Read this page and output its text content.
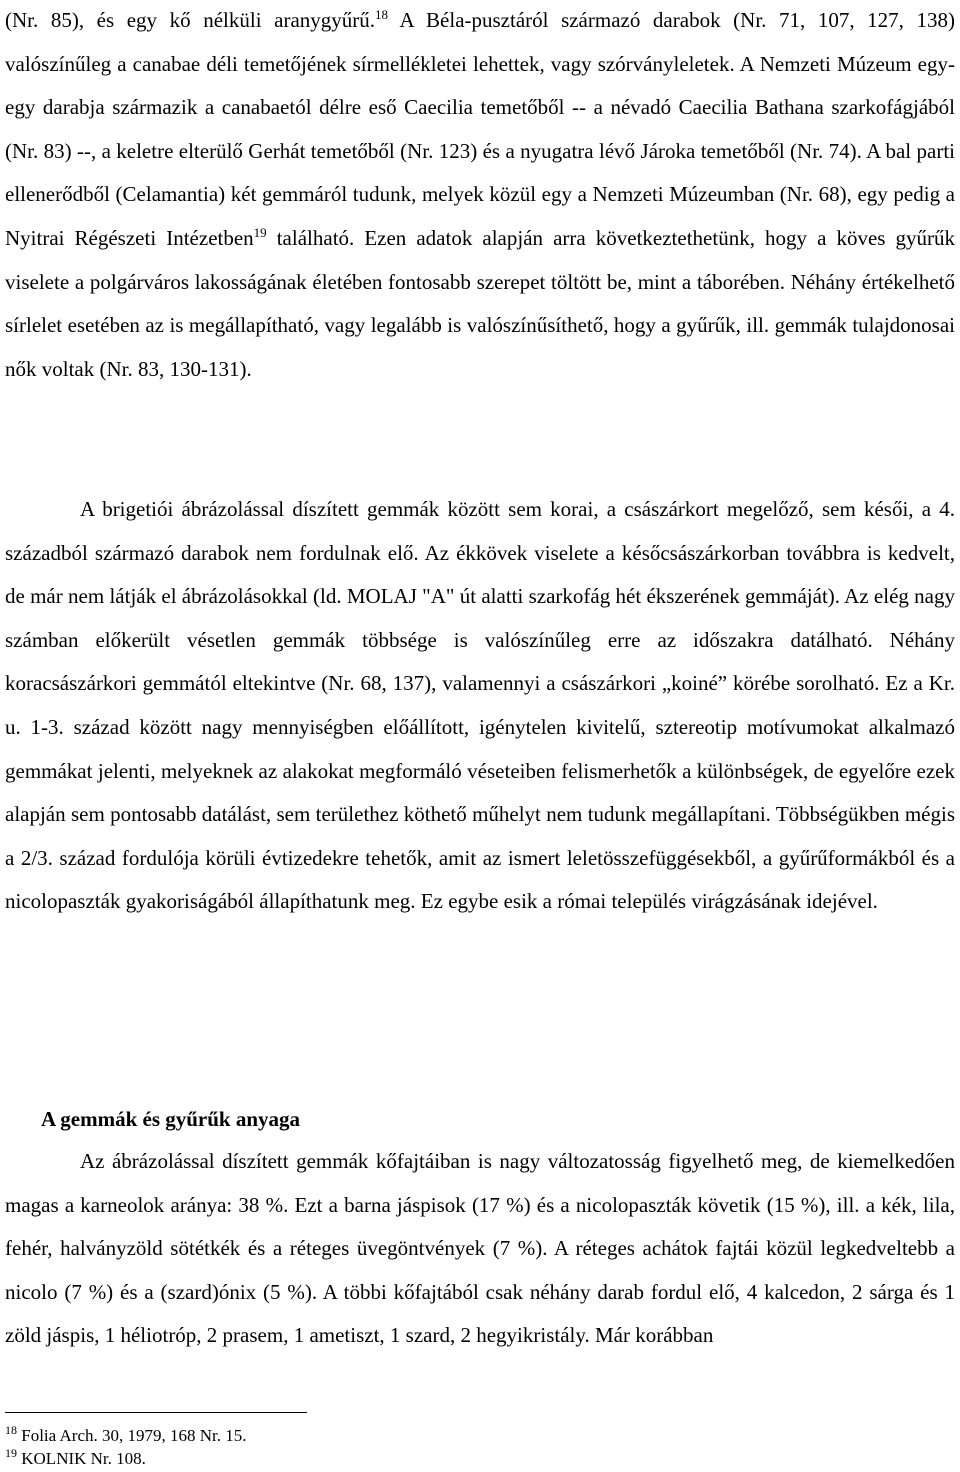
(Nr. 85), és egy kő nélküli aranygyűrű.$^{18}$ A Béla-pusztáról származó darabok (Nr. 71, 107, 127, 138) valószínűleg a canabae déli temetőjének sírmellékletei lehettek, vagy szórványleletek. A Nemzeti Múzeum egy-egy darabja származik a canabaetól délre eső Caecilia temetőből -- a névadó Caecilia Bathana szarkofágjából (Nr. 83) --, a keletre elterülő Gerhát temetőből (Nr. 123) és a nyugatra lévő Jároka temetőből (Nr. 74). A bal parti ellenerődből (Celamantia) két gemmáról tudunk, melyek közül egy a Nemzeti Múzeumban (Nr. 68), egy pedig a Nyitrai Régészeti Intézetben$^{19}$ található. Ezen adatok alapján arra következtethetünk, hogy a köves gyűrűk viselete a polgárváros lakosságának életében fontosabb szerepet töltött be, mint a táborében. Néhány értékelhető sírlelet esetében az is megállapítható, vagy legalább is valószínűsíthető, hogy a gyűrűk, ill. gemmák tulajdonosai nők voltak (Nr. 83, 130-131).

A brigetiói ábrázolással díszített gemmák között sem korai, a császárkort megelőző, sem késői, a 4. századból származó darabok nem fordulnak elő. Az ékkövek viselete a későcsászárkorban továbbra is kedvelt, de már nem látják el ábrázolásokkal (ld. MOLAJ "A" út alatti szarkofág hét ékszerének gemmáját). Az elég nagy számban előkerült vésetlen gemmák többsége is valószínűleg erre az időszakra datálható. Néhány koracsászárkori gemmától eltekintve (Nr. 68, 137), valamennyi a császárkori „koiné” körébe sorolható. Ez a Kr. u. 1-3. század között nagy mennyiségben előállított, igénytelen kivitelű, sztereotip motívumokat alkalmazó gemmákat jelenti, melyeknek az alakokat megformáló véseteiben felismerhetők a különbségek, de egyelőre ezek alapján sem pontosabb datálást, sem területhez köthető műhelyt nem tudunk megállapítani. Többségükben mégis a 2/3. század fordulója körüli évtizedekre tehetők, amit az ismert leletösszefüggésekből, a gyűrűformákból és a nicolopaszták gyakoriságából állapíthatunk meg. Ez egybe esik a római település virágzásának idejével.

A gemmák és gyűrűk anyaga

Az ábrázolással díszített gemmák kőfajtáiban is nagy változatosság figyelhető meg, de kiemelkedően magas a karneolok aránya: 38 %. Ezt a barna jáspisok (17 %) és a nicolopaszták követik (15 %), ill. a kék, lila, fehér, halványzöld sötétkék és a réteges üvegöntvények (7 %). A réteges achátok fajtái közül legkedveltebb a nicolo (7 %) és a (szard)ónix (5 %). A többi kőfajtából csak néhány darab fordul elő, 4 kalcedon, 2 sárga és 1 zöld jáspis, 1 héliotróp, 2 prasem, 1 ametiszt, 1 szard, 2 hegyikristály. Már korábban

$^{18}$ Folia Arch. 30, 1979, 168 Nr. 15.

$^{19}$ KOLNIK Nr. 108.
